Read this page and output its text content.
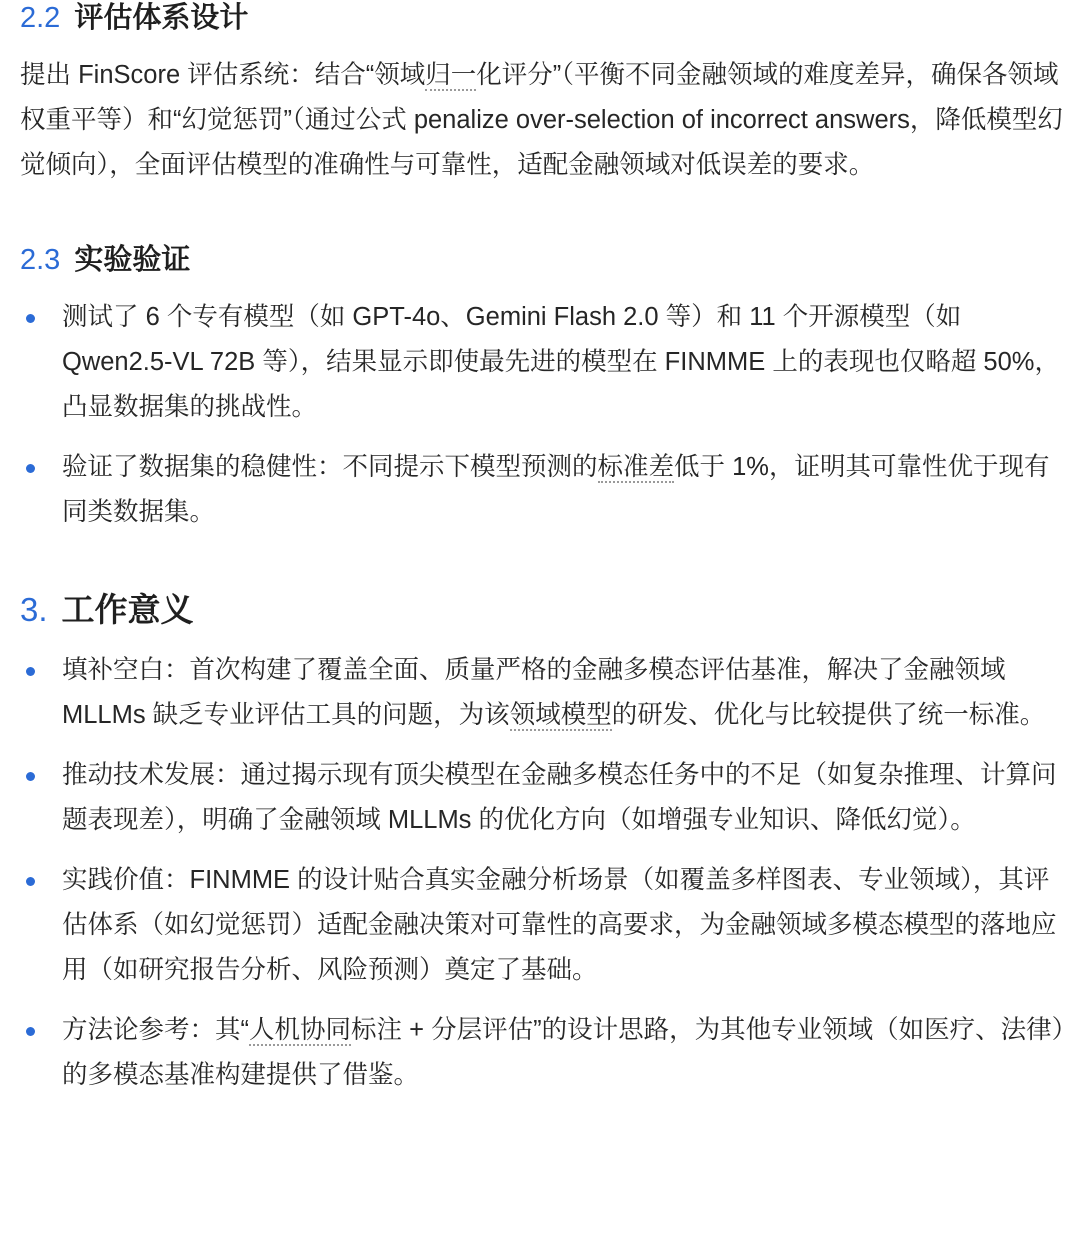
2.2 评估体系设计

提出 FinScore 评估系统：结合“领域归一化评分”（平衡不同金融领域的难度差异，确保各领域权重平等）和“幻觉惩罚”（通过公式 penalize over-selection of incorrect answers，降低模型幻觉倾向），全面评估模型的准确性与可靠性，适配金融领域对低误差的要求。

2.3 实验验证
测试了 6 个专有模型（如 GPT-4o、Gemini Flash 2.0 等）和 11 个开源模型（如 Qwen2.5-VL 72B 等），结果显示即使最先进的模型在 FINMME 上的表现也仅略超 50%，凸显数据集的挑战性。
验证了数据集的稳健性：不同提示下模型预测的标准差低于 1%，证明其可靠性优于现有同类数据集。
3. 工作意义
填补空白：首次构建了覆盖全面、质量严格的金融多模态评估基准，解决了金融领域 MLLMs 缺乏专业评估工具的问题，为该领域模型的研发、优化与比较提供了统一标准。
推动技术发展：通过揭示现有顶尖模型在金融多模态任务中的不足（如复杂推理、计算问题表现差），明确了金融领域 MLLMs 的优化方向（如增强专业知识、降低幻觉）。
实践价值：FINMME 的设计贴合真实金融分析场景（如覆盖多样图表、专业领域），其评估体系（如幻觉惩罚）适配金融决策对可靠性的高要求，为金融领域多模态模型的落地应用（如研究报告分析、风险预测）奠定了基础。
方法论参考：其“人机协同标注 + 分层评估”的设计思路，为其他专业领域（如医疗、法律）的多模态基准构建提供了借鉴。
